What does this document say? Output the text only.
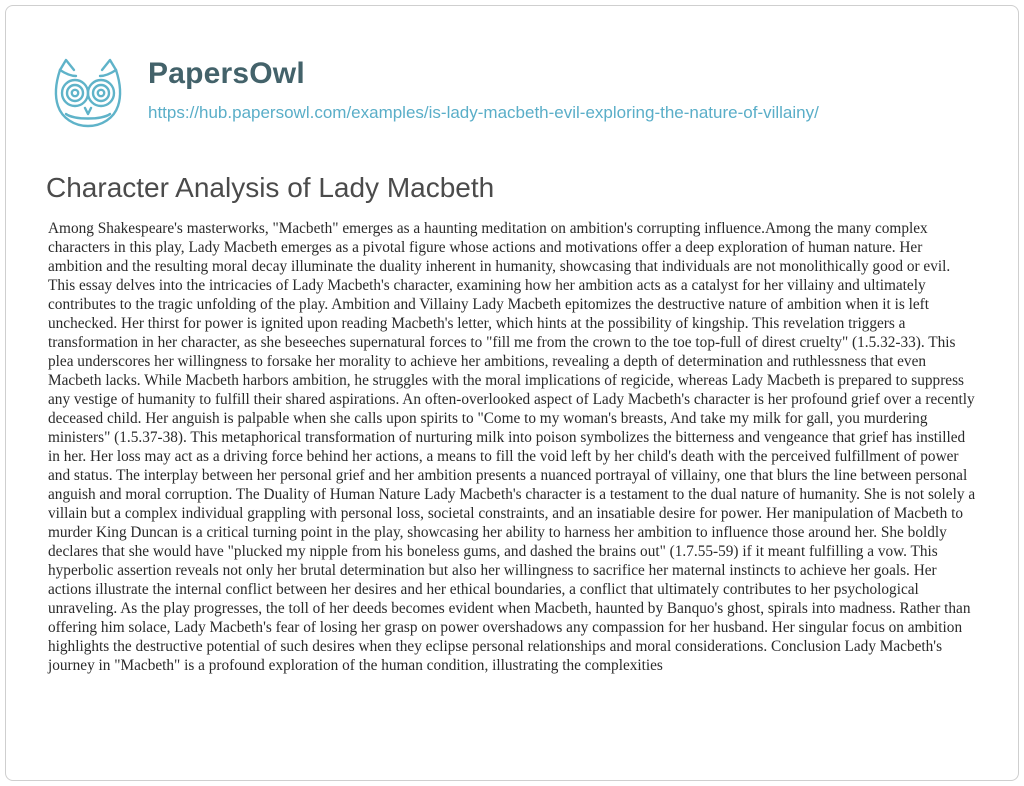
PapersOwl
https://hub.papersowl.com/examples/is-lady-macbeth-evil-exploring-the-nature-of-villainy/
Character Analysis of Lady Macbeth

Among Shakespeare's masterworks, "Macbeth" emerges as a haunting meditation on ambition's corrupting influence.Among the many complex characters in this play, Lady Macbeth emerges as a pivotal figure whose actions and motivations offer a deep exploration of human nature. Her ambition and the resulting moral decay illuminate the duality inherent in humanity, showcasing that individuals are not monolithically good or evil. This essay delves into the intricacies of Lady Macbeth's character, examining how her ambition acts as a catalyst for her villainy and ultimately contributes to the tragic unfolding of the play. Ambition and Villainy Lady Macbeth epitomizes the destructive nature of ambition when it is left unchecked. Her thirst for power is ignited upon reading Macbeth's letter, which hints at the possibility of kingship. This revelation triggers a transformation in her character, as she beseeches supernatural forces to "fill me from the crown to the toe top-full of direst cruelty" (1.5.32-33). This plea underscores her willingness to forsake her morality to achieve her ambitions, revealing a depth of determination and ruthlessness that even Macbeth lacks. While Macbeth harbors ambition, he struggles with the moral implications of regicide, whereas Lady Macbeth is prepared to suppress any vestige of humanity to fulfill their shared aspirations. An often-overlooked aspect of Lady Macbeth's character is her profound grief over a recently deceased child. Her anguish is palpable when she calls upon spirits to "Come to my woman's breasts, And take my milk for gall, you murdering ministers" (1.5.37-38). This metaphorical transformation of nurturing milk into poison symbolizes the bitterness and vengeance that grief has instilled in her. Her loss may act as a driving force behind her actions, a means to fill the void left by her child's death with the perceived fulfillment of power and status. The interplay between her personal grief and her ambition presents a nuanced portrayal of villainy, one that blurs the line between personal anguish and moral corruption. The Duality of Human Nature Lady Macbeth's character is a testament to the dual nature of humanity. She is not solely a villain but a complex individual grappling with personal loss, societal constraints, and an insatiable desire for power. Her manipulation of Macbeth to murder King Duncan is a critical turning point in the play, showcasing her ability to harness her ambition to influence those around her. She boldly declares that she would have "plucked my nipple from his boneless gums, and dashed the brains out" (1.7.55-59) if it meant fulfilling a vow. This hyperbolic assertion reveals not only her brutal determination but also her willingness to sacrifice her maternal instincts to achieve her goals. Her actions illustrate the internal conflict between her desires and her ethical boundaries, a conflict that ultimately contributes to her psychological unraveling. As the play progresses, the toll of her deeds becomes evident when Macbeth, haunted by Banquo's ghost, spirals into madness. Rather than offering him solace, Lady Macbeth's fear of losing her grasp on power overshadows any compassion for her husband. Her singular focus on ambition highlights the destructive potential of such desires when they eclipse personal relationships and moral considerations. Conclusion Lady Macbeth's journey in "Macbeth" is a profound exploration of the human condition, illustrating the complexities
